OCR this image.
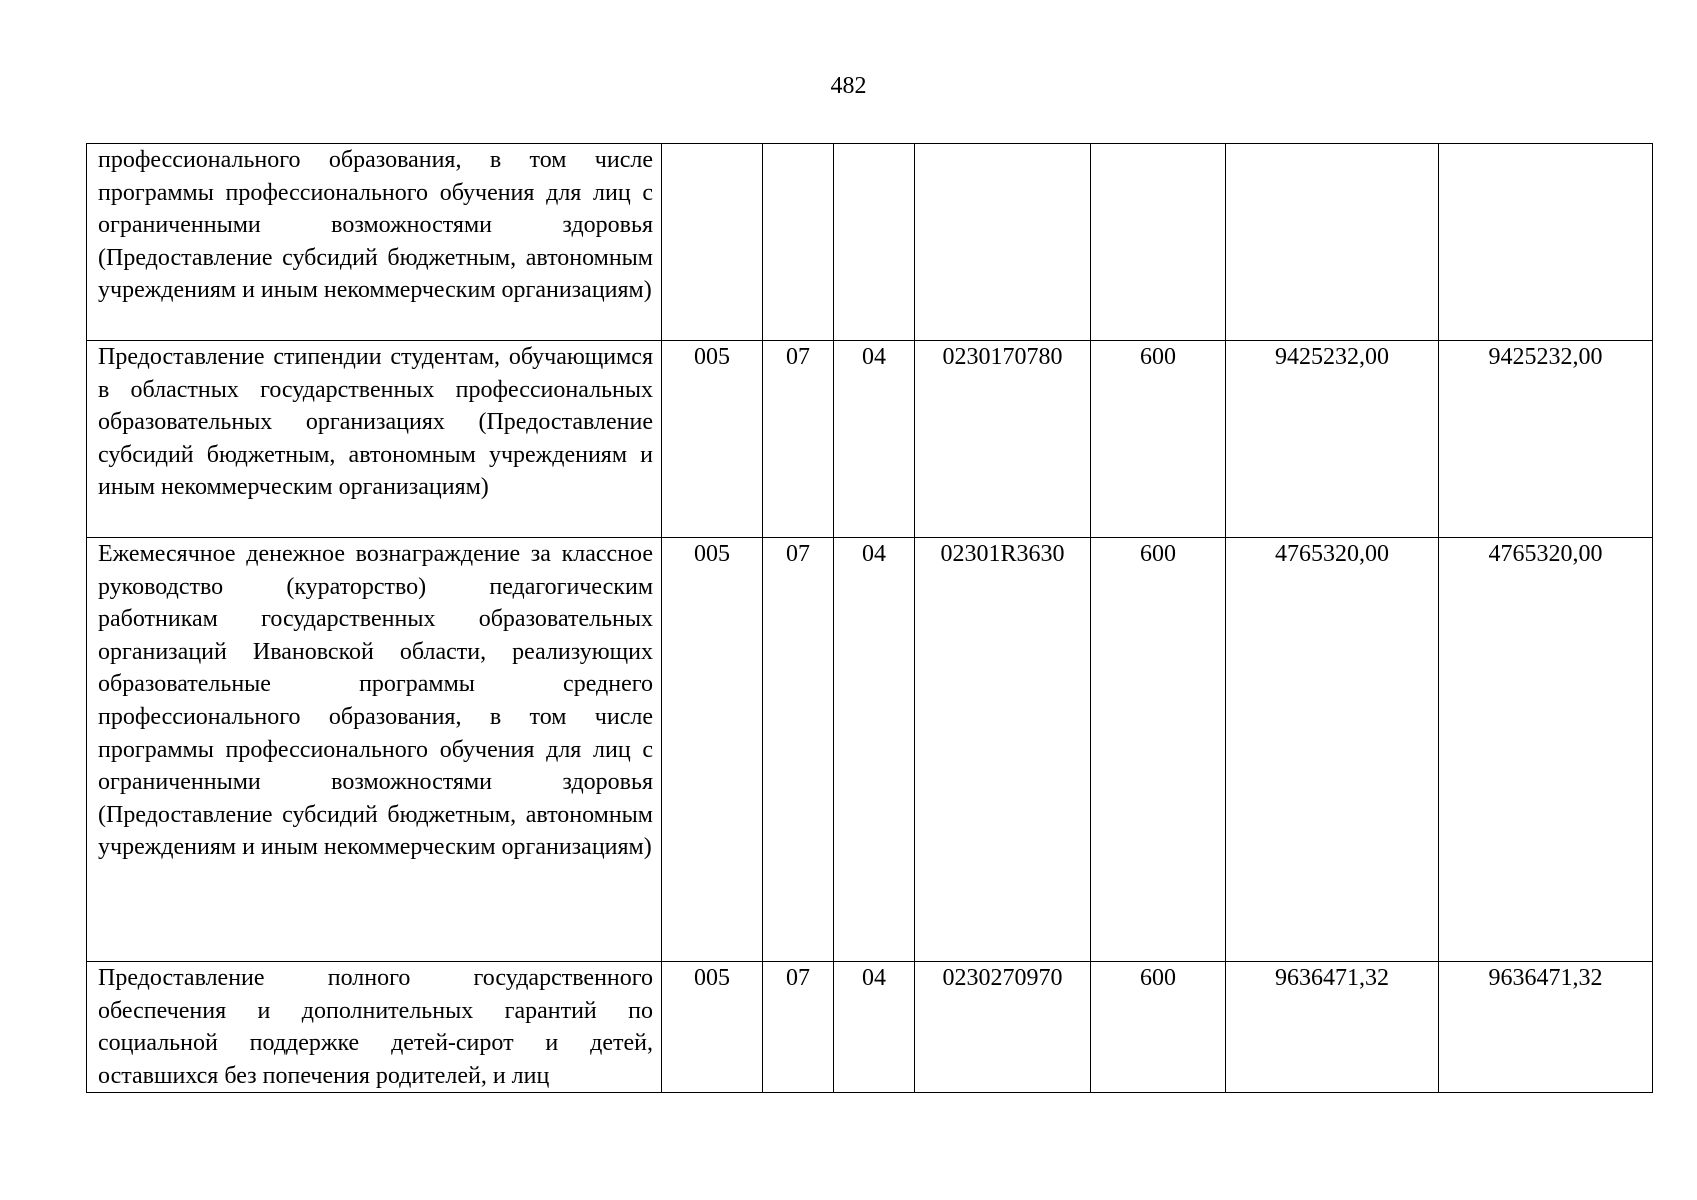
482
профессионального образования, в том числе программы профессионального обучения для лиц с ограниченными возможностями здоровья (Предоставление субсидий бюджетным, автономным учреждениям и иным некоммерческим организациям)							
Предоставление стипендии студентам, обучающимся в областных государственных профессиональных образовательных организациях (Предоставление субсидий бюджетным, автономным учреждениям и иным некоммерческим организациям)	005	07	04	0230170780	600	9425232,00	9425232,00
Ежемесячное денежное вознаграждение за классное руководство (кураторство) педагогическим работникам государственных образовательных организаций Ивановской области, реализующих образовательные программы среднего профессионального образования, в том числе программы профессионального обучения для лиц с ограниченными возможностями здоровья (Предоставление субсидий бюджетным, автономным учреждениям и иным некоммерческим организациям)	005	07	04	02301R3630	600	4765320,00	4765320,00
Предоставление полного государственного обеспечения и дополнительных гарантий по социальной поддержке детей-сирот и детей, оставшихся без попечения родителей, и лиц	005	07	04	0230270970	600	9636471,32	9636471,32
